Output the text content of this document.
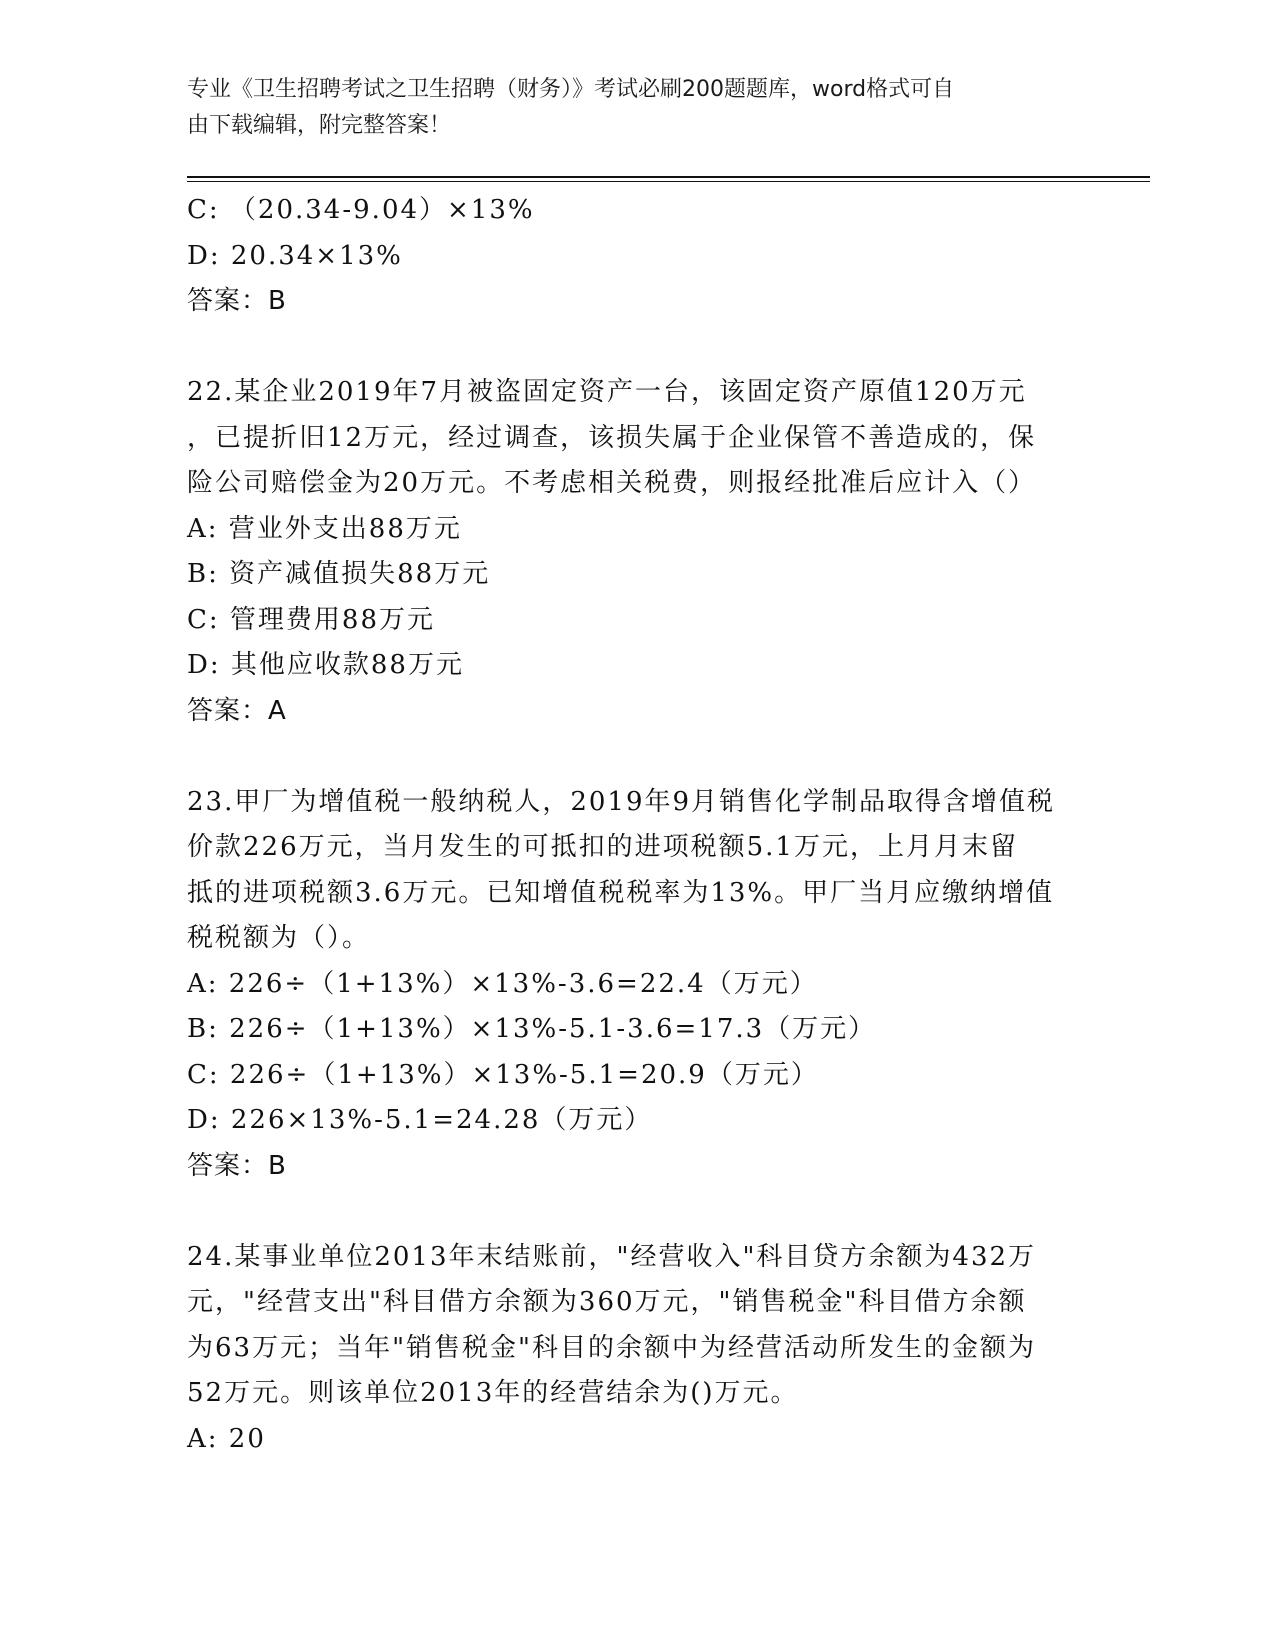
专业《卫生招聘考试之卫生招聘（财务）》考试必刷200题题库，word格式可自
由下载编辑，附完整答案！
C: （20.34-9.04）×13%
D: 20.34×13%
答案：B
22.某企业2019年7月被盗固定资产一台，该固定资产原值120万元
，已提折旧12万元，经过调查，该损失属于企业保管不善造成的，保
险公司赔偿金为20万元。不考虑相关税费，则报经批准后应计入（）
A: 营业外支出88万元
B: 资产减值损失88万元
C: 管理费用88万元
D: 其他应收款88万元
答案：A
23.甲厂为增值税一般纳税人，2019年9月销售化学制品取得含增值税
价款226万元，当月发生的可抵扣的进项税额5.1万元，上月月末留
抵的进项税额3.6万元。已知增值税税率为13%。甲厂当月应缴纳增值
税税额为（）。
A: 226÷（1+13%）×13%-3.6=22.4（万元）
B: 226÷（1+13%）×13%-5.1-3.6=17.3（万元）
C: 226÷（1+13%）×13%-5.1=20.9（万元）
D: 226×13%-5.1=24.28（万元）
答案：B
24.某事业单位2013年末结账前，"经营收入"科目贷方余额为432万
元，"经营支出"科目借方余额为360万元，"销售税金"科目借方余额
为63万元；当年"销售税金"科目的余额中为经营活动所发生的金额为
52万元。则该单位2013年的经营结余为()万元。
A: 20
